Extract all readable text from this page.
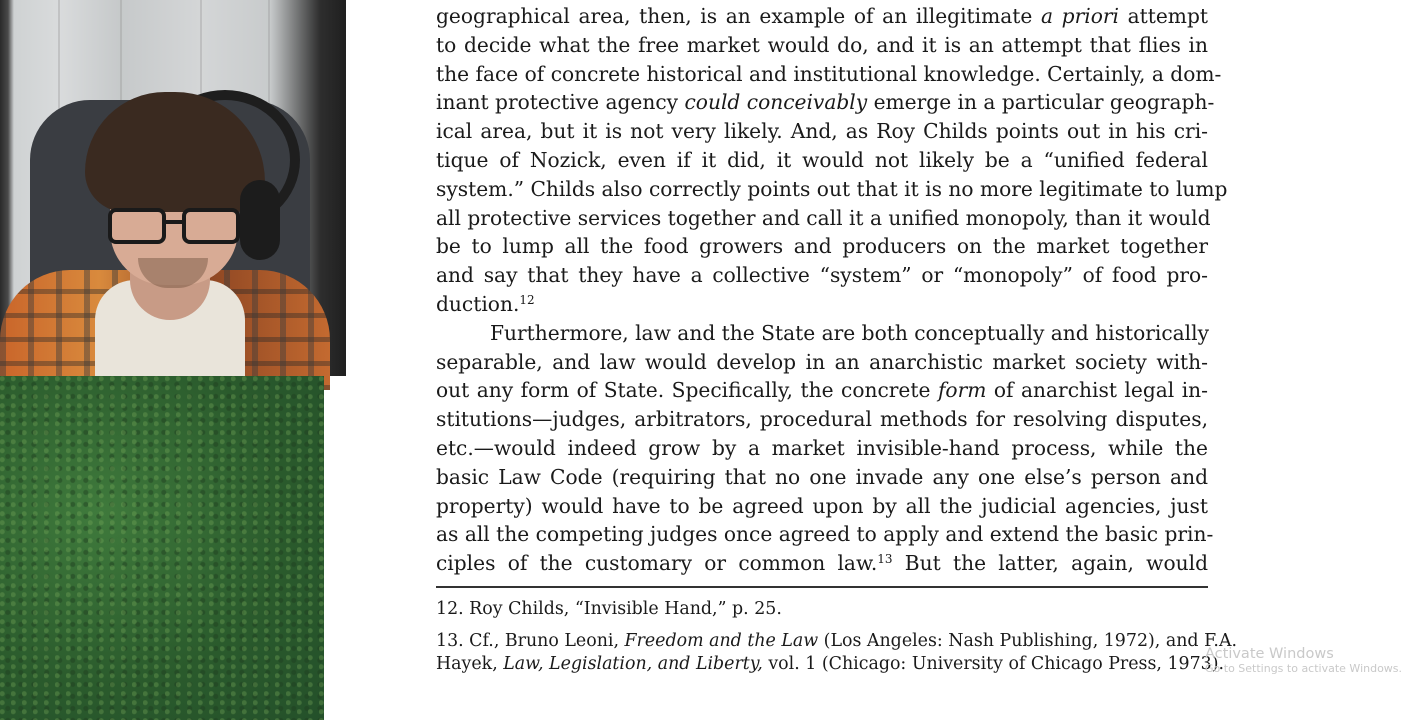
geographical area, then, is an example of an illegitimate a priori attempt
to decide what the free market would do, and it is an attempt that flies in
the face of concrete historical and institutional knowledge. Certainly, a dom-
inant protective agency could conceivably emerge in a particular geograph-
ical area, but it is not very likely. And, as Roy Childs points out in his cri-
tique of Nozick, even if it did, it would not likely be a “unified federal
system.” Childs also correctly points out that it is no more legitimate to lump
all protective services together and call it a unified monopoly, than it would
be to lump all the food growers and producers on the market together
and say that they have a collective “system” or “monopoly” of food pro-
duction.$^{12}$
Furthermore, law and the State are both conceptually and historically
separable, and law would develop in an anarchistic market society with-
out any form of State. Specifically, the concrete form of anarchist legal in-
stitutions—judges, arbitrators, procedural methods for resolving disputes,
etc.—would indeed grow by a market invisible-hand process, while the
basic Law Code (requiring that no one invade any one else’s person and
property) would have to be agreed upon by all the judicial agencies, just
as all the competing judges once agreed to apply and extend the basic prin-
ciples of the customary or common law.$^{13}$ But the latter, again, would
12. Roy Childs, “Invisible Hand,” p. 25.
13. Cf., Bruno Leoni, Freedom and the Law (Los Angeles: Nash Publishing, 1972), and F.A.
Hayek, Law, Legislation, and Liberty, vol. 1 (Chicago: University of Chicago Press, 1973).
Activate Windows
Go to Settings to activate Windows.
